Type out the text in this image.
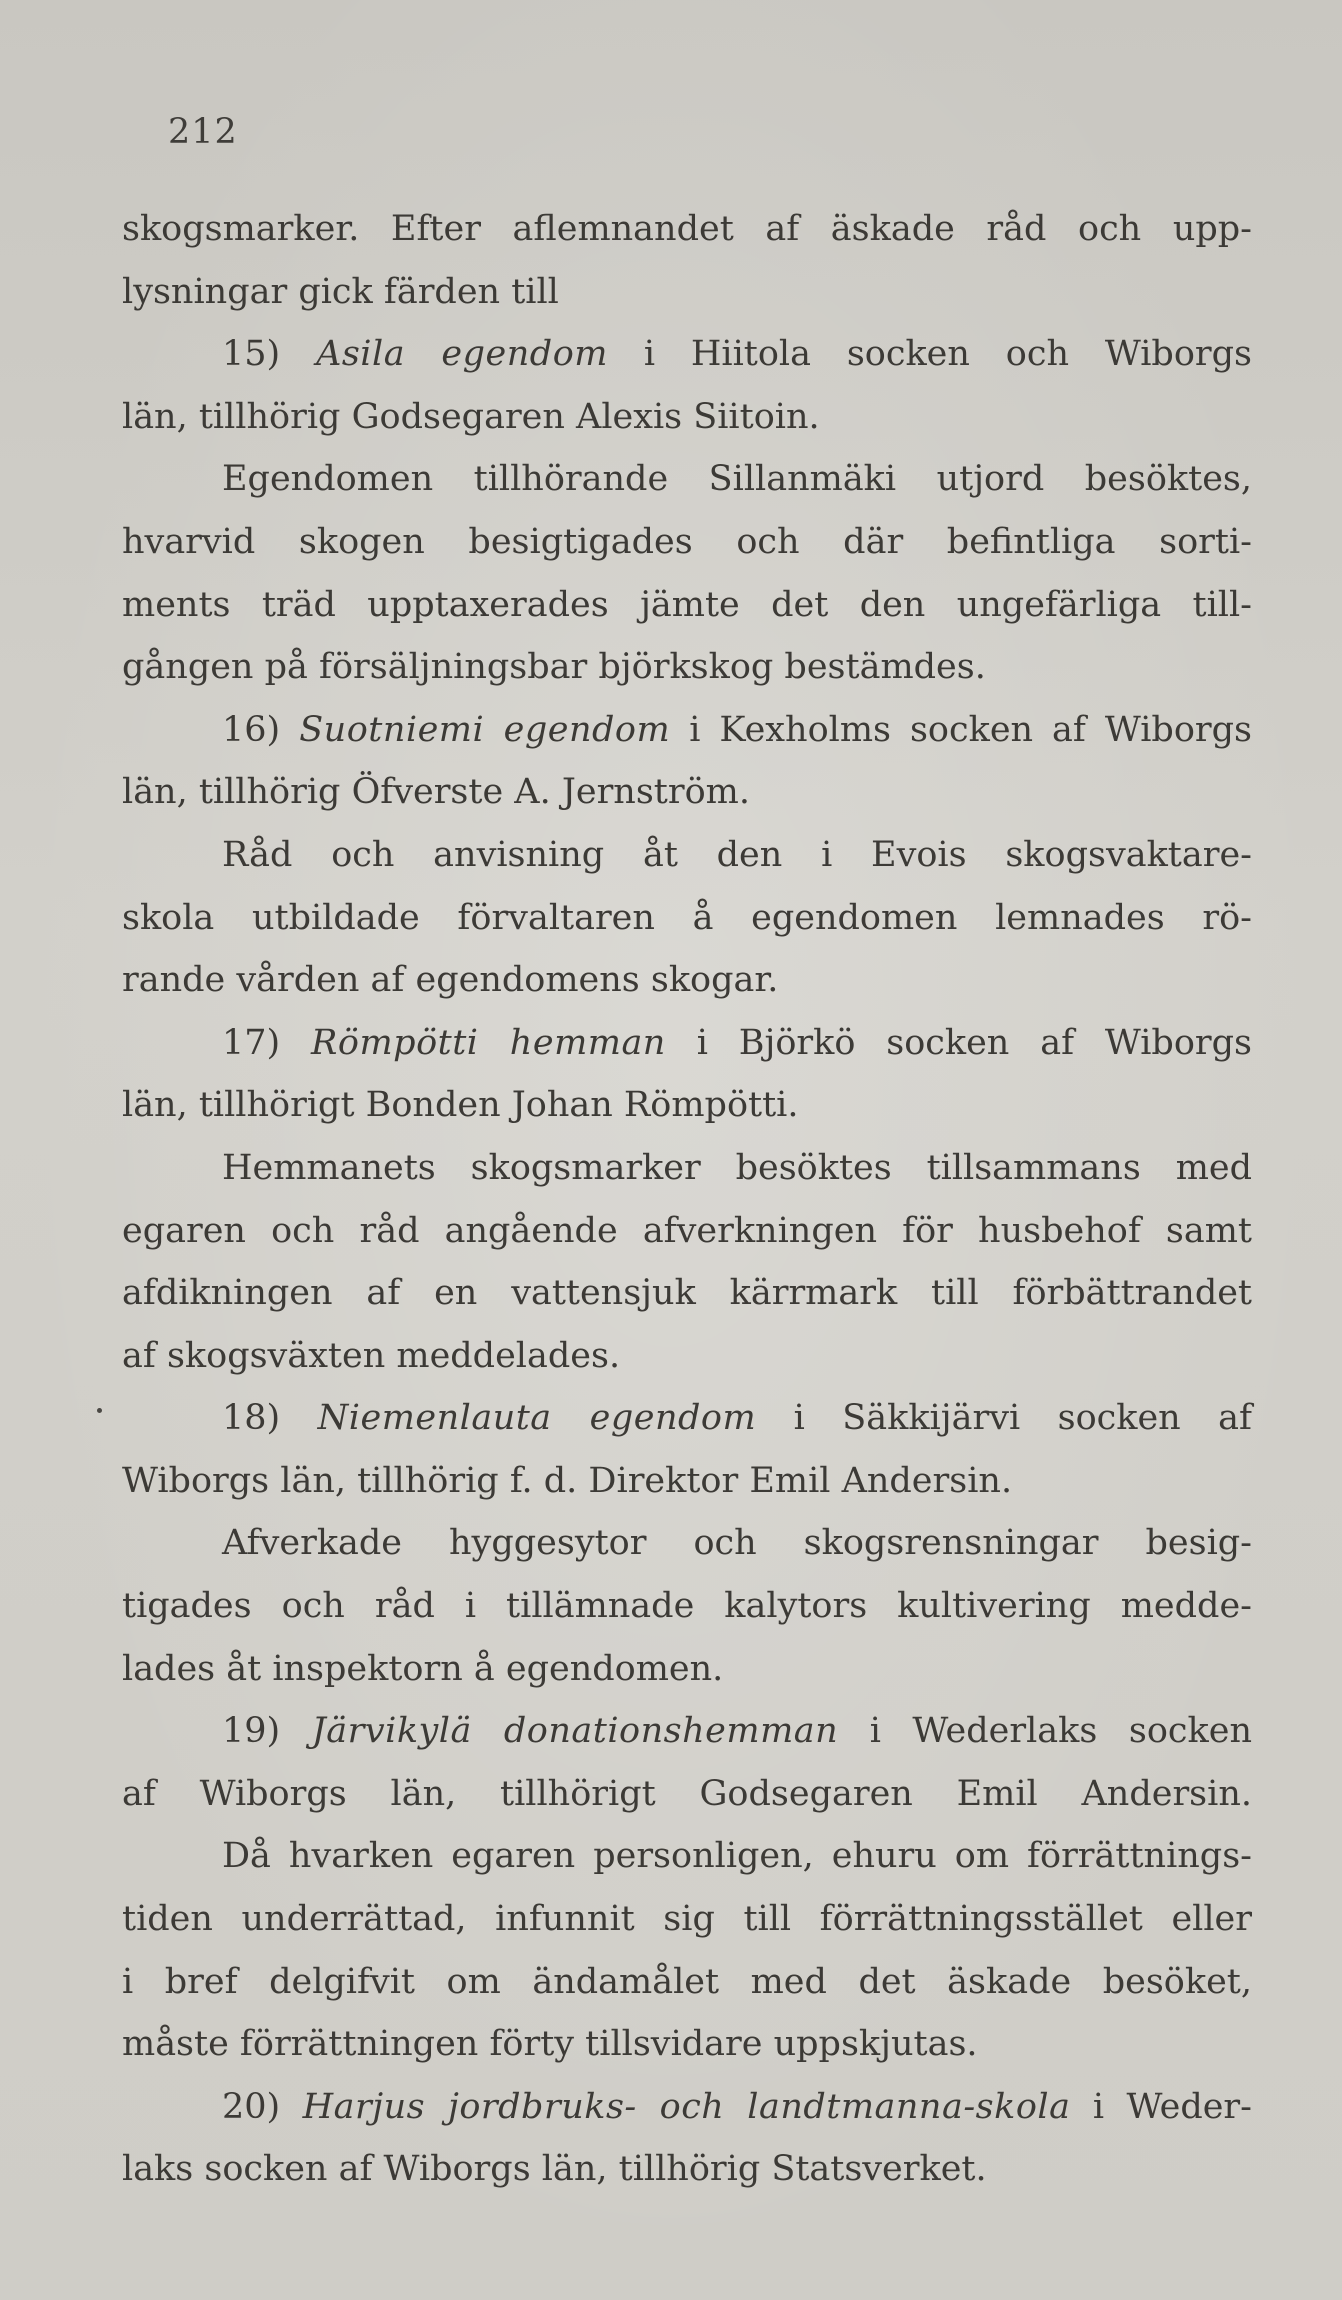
212
skogsmarker. Efter aflemnandet af äskade råd och upp-
lysningar gick färden till
15) Asila egendom i Hiitola socken och Wiborgs
län, tillhörig Godsegaren Alexis Siitoin.
Egendomen tillhörande Sillanmäki utjord besöktes,
hvarvid skogen besigtigades och där befintliga sorti-
ments träd upptaxerades jämte det den ungefärliga till-
gången på försäljningsbar björkskog bestämdes.
16) Suotniemi egendom i Kexholms socken af Wiborgs
län, tillhörig Öfverste A. Jernström.
Råd och anvisning åt den i Evois skogsvaktare-
skola utbildade förvaltaren å egendomen lemnades rö-
rande vården af egendomens skogar.
17) Römpötti hemman i Björkö socken af Wiborgs
län, tillhörigt Bonden Johan Römpötti.
Hemmanets skogsmarker besöktes tillsammans med
egaren och råd angående afverkningen för husbehof samt
afdikningen af en vattensjuk kärrmark till förbättrandet
af skogsväxten meddelades.
18) Niemenlauta egendom i Säkkijärvi socken af
Wiborgs län, tillhörig f. d. Direktor Emil Andersin.
Afverkade hyggesytor och skogsrensningar besig-
tigades och råd i tillämnade kalytors kultivering medde-
lades åt inspektorn å egendomen.
19) Järvikylä donationshemman i Wederlaks socken
af Wiborgs län, tillhörigt Godsegaren Emil Andersin.
Då hvarken egaren personligen, ehuru om förrättnings-
tiden underrättad, infunnit sig till förrättningsstället eller
i bref delgifvit om ändamålet med det äskade besöket,
måste förrättningen förty tillsvidare uppskjutas.
20) Harjus jordbruks- och landtmanna-skola i Weder-
laks socken af Wiborgs län, tillhörig Statsverket.
